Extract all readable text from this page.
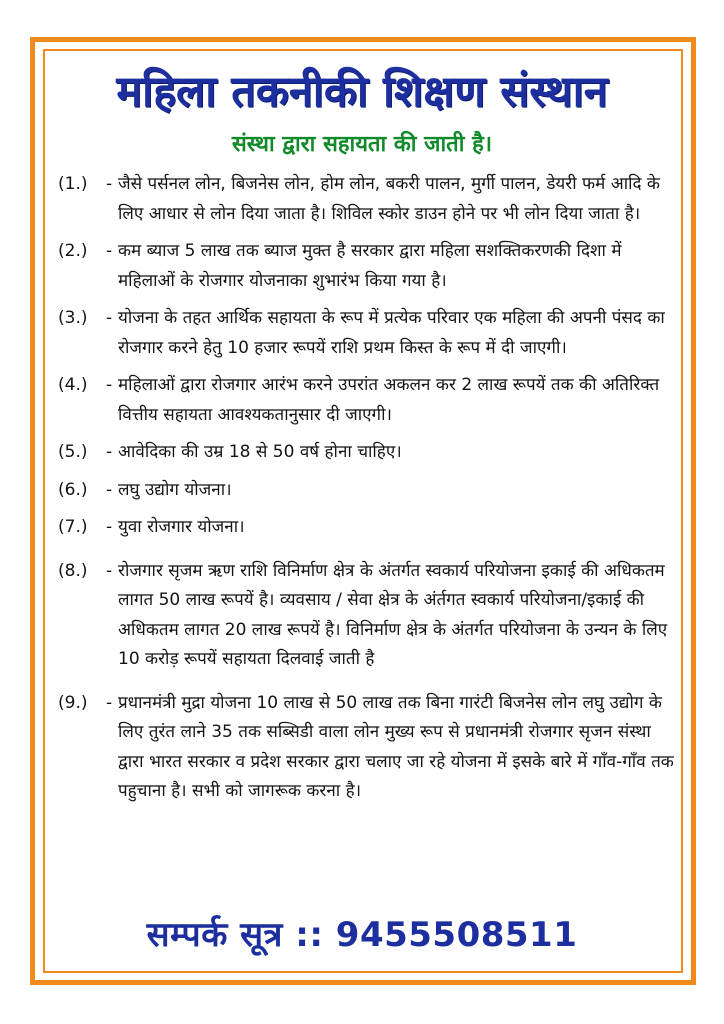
महिला तकनीकी शिक्षण संस्थान
संस्था द्वारा सहायता की जाती है।
(1.)	- जैसे पर्सनल लोन, बिजनेस लोन, होम लोन, बकरी पालन, मुर्गी पालन, डेयरी फर्म आदि के लिए आधार से लोन दिया जाता है। शिविल स्कोर डाउन होने पर भी लोन दिया जाता है।
(2.)	- कम ब्याज 5 लाख तक ब्याज मुक्त है सरकार द्वारा महिला सशक्तिकरणकी दिशा में महिलाओं के रोजगार योजनाका शुभारंभ किया गया है।
(3.)	- योजना के तहत आर्थिक सहायता के रूप में प्रत्येक परिवार एक महिला की अपनी पंसद का रोजगार करने हेतु 10 हजार रूपयें राशि प्रथम किस्त के रूप में दी जाएगी।
(4.)	- महिलाओं द्वारा रोजगार आरंभ करने उपरांत अकलन कर 2 लाख रूपयें तक की अतिरिक्त वित्तीय सहायता आवश्यकतानुसार दी जाएगी।
(5.)	- आवेदिका की उम्र 18 से 50 वर्ष होना चाहिए।
(6.)	- लघु उद्योग योजना।
(7.)	- युवा रोजगार योजना।
(8.)	- रोजगार सृजम ऋण राशि विनिर्माण क्षेत्र के अंतर्गत स्वकार्य परियोजना इकाई की अधिकतम लागत 50 लाख रूपयें है। व्यवसाय / सेवा क्षेत्र के अंर्तगत स्वकार्य परियोजना/इकाई की अधिकतम लागत 20 लाख रूपयें है। विनिर्माण क्षेत्र के अंतर्गत परियोजना के उन्यन के लिए 10 करोड़ रूपयें सहायता दिलवाई जाती है
(9.)	- प्रधानमंत्री मुद्रा योजना 10 लाख से 50 लाख तक बिना गारंटी बिजनेस लोन लघु उद्योग के लिए तुरंत लाने 35 तक सब्सिडी वाला लोन मुख्य रूप से प्रधानमंत्री रोजगार सृजन संस्था द्वारा भारत सरकार व प्रदेश सरकार द्वारा चलाए जा रहे योजना में इसके बारे में गाँव-गाँव तक पहुचाना है। सभी को जागरूक करना है।
सम्पर्क सूत्र :: 9455508511
